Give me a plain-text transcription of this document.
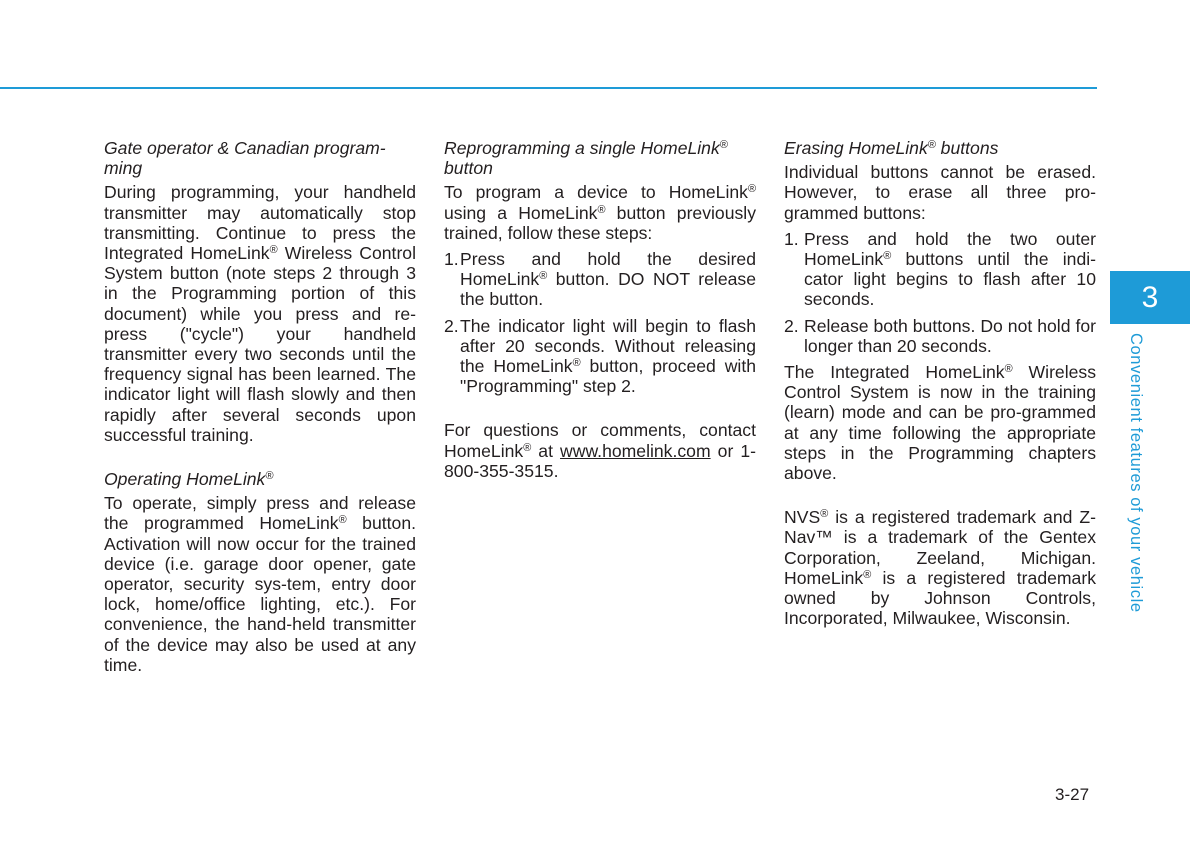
Gate operator & Canadian program-ming

During programming, your handheld transmitter may automatically stop transmitting. Continue to press the Integrated HomeLink® Wireless Control System button (note steps 2 through 3 in the Programming portion of this document) while you press and re-press ("cycle") your handheld transmitter every two seconds until the frequency signal has been learned. The indicator light will flash slowly and then rapidly after several seconds upon successful training.

Operating HomeLink®

To operate, simply press and release the programmed HomeLink® button. Activation will now occur for the trained device (i.e. garage door opener, gate operator, security sys-tem, entry door lock, home/office lighting, etc.). For convenience, the hand-held transmitter of the device may also be used at any time.

Reprogramming a single HomeLink®
button

To program a device to HomeLink® using a HomeLink® button previously trained, follow these steps:

1. Press and hold the desired HomeLink® button. DO NOT release the button.
2. The indicator light will begin to flash after 20 seconds. Without releasing the HomeLink® button, proceed with "Programming" step 2.

For questions or comments, contact HomeLink® at www.homelink.com or 1-800-355-3515.

Erasing HomeLink® buttons

Individual buttons cannot be erased. However, to erase all three pro-grammed buttons:

1. Press and hold the two outer HomeLink® buttons until the indi-cator light begins to flash after 10 seconds.
2. Release both buttons. Do not hold for longer than 20 seconds.

The Integrated HomeLink® Wireless Control System is now in the training (learn) mode and can be pro-grammed at any time following the appropriate steps in the Programming chapters above.

NVS® is a registered trademark and Z-Nav™ is a trademark of the Gentex Corporation, Zeeland, Michigan. HomeLink® is a registered trademark owned by Johnson Controls, Incorporated, Milwaukee, Wisconsin.

3
Convenient features of your vehicle
3-27
